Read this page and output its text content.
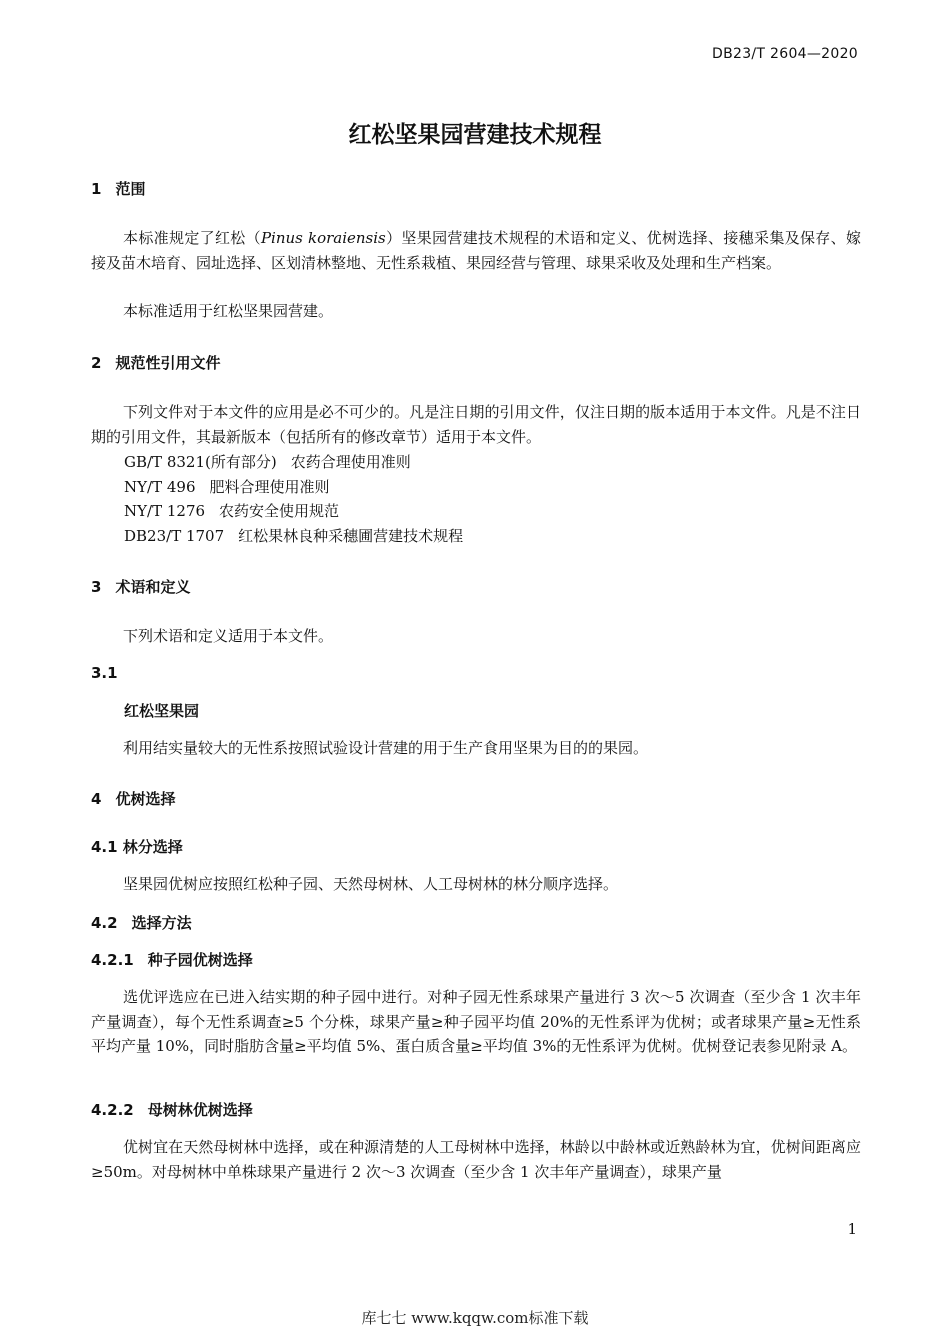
DB23/T 2604—2020
红松坚果园营建技术规程
1 范围

本标准规定了红松（Pinus koraiensis）坚果园营建技术规程的术语和定义、优树选择、接穗采集及保存、嫁接及苗木培育、园址选择、区划清林整地、无性系栽植、果园经营与管理、球果采收及处理和生产档案。

本标准适用于红松坚果园营建。

2 规范性引用文件

下列文件对于本文件的应用是必不可少的。凡是注日期的引用文件，仅注日期的版本适用于本文件。凡是不注日期的引用文件，其最新版本（包括所有的修改章节）适用于本文件。

GB/T 8321(所有部分) 农药合理使用准则
NY/T 496 肥料合理使用准则
NY/T 1276 农药安全使用规范
DB23/T 1707 红松果林良种采穗圃营建技术规程
3 术语和定义

下列术语和定义适用于本文件。

3.1
红松坚果园

利用结实量较大的无性系按照试验设计营建的用于生产食用坚果为目的的果园。

4 优树选择
4.1 林分选择

坚果园优树应按照红松种子园、天然母树林、人工母树林的林分顺序选择。

4.2 选择方法
4.2.1 种子园优树选择

选优评选应在已进入结实期的种子园中进行。对种子园无性系球果产量进行 3 次～5 次调查（至少含 1 次丰年产量调查），每个无性系调查≥5 个分株，球果产量≥种子园平均值 20%的无性系评为优树；或者球果产量≥无性系平均产量 10%，同时脂肪含量≥平均值 5%、蛋白质含量≥平均值 3%的无性系评为优树。优树登记表参见附录 A。

4.2.2 母树林优树选择

优树宜在天然母树林中选择，或在种源清楚的人工母树林中选择，林龄以中龄林或近熟龄林为宜，优树间距离应≥50m。对母树林中单株球果产量进行 2 次～3 次调查（至少含 1 次丰年产量调查），球果产量

1
库七七 www.kqqw.com标准下载
